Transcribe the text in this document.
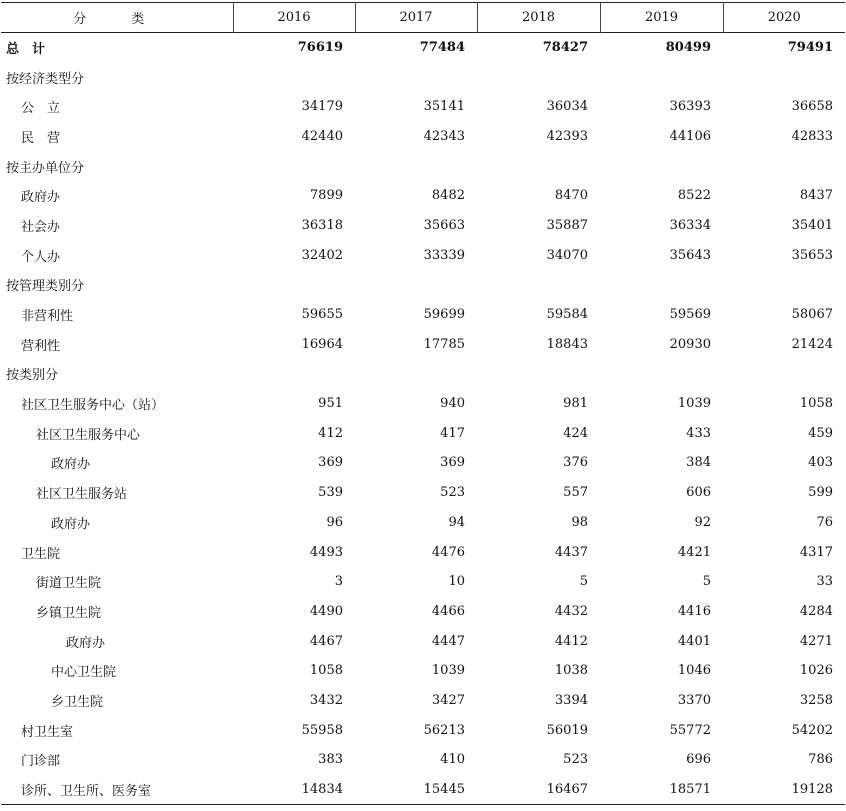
分　类	2016	2017	2018	2019	2020
总　计	76619	77484	78427	80499	79491
按经济类型分					
公　立	34179	35141	36034	36393	36658
民　营	42440	42343	42393	44106	42833
按主办单位分					
政府办	7899	8482	8470	8522	8437
社会办	36318	35663	35887	36334	35401
个人办	32402	33339	34070	35643	35653
按管理类别分					
非营利性	59655	59699	59584	59569	58067
营利性	16964	17785	18843	20930	21424
按类别分					
社区卫生服务中心（站）	951	940	981	1039	1058
社区卫生服务中心	412	417	424	433	459
政府办	369	369	376	384	403
社区卫生服务站	539	523	557	606	599
政府办	96	94	98	92	76
卫生院	4493	4476	4437	4421	4317
街道卫生院	3	10	5	5	33
乡镇卫生院	4490	4466	4432	4416	4284
政府办	4467	4447	4412	4401	4271
中心卫生院	1058	1039	1038	1046	1026
乡卫生院	3432	3427	3394	3370	3258
村卫生室	55958	56213	56019	55772	54202
门诊部	383	410	523	696	786
诊所、卫生所、医务室	14834	15445	16467	18571	19128
